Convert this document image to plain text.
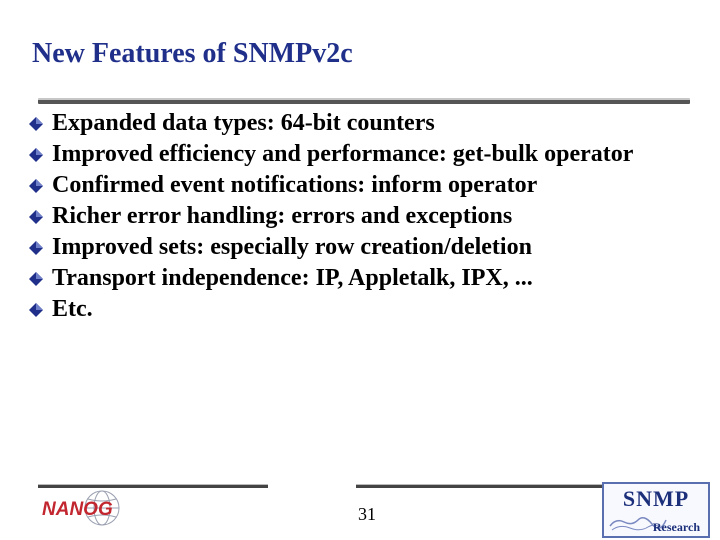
New Features of SNMPv2c
Expanded data types: 64-bit counters
Improved efficiency and performance: get-bulk operator
Confirmed event notifications: inform operator
Richer error handling: errors and exceptions
Improved sets: especially row creation/deletion
Transport independence: IP, Appletalk, IPX, ...
Etc.
NANOG	31
SNMP
Research
